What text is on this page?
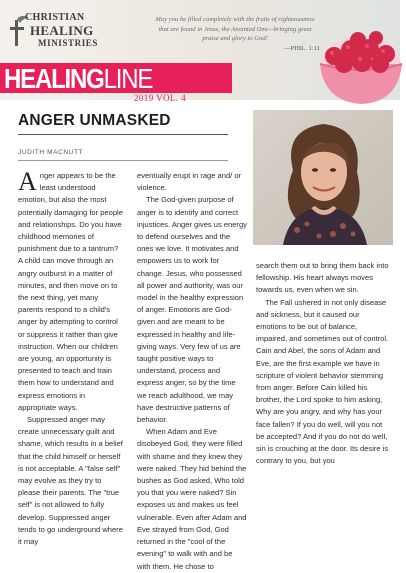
CHRISTIAN
HEALING
MINISTRIES
May you be filled completely with the fruits of righteousness that are found in Jesus, the Anointed One—bringing great praise and glory to God!
—PHIL. 1:11
HEALINGLINE
2019 VOL. 4
ANGER UNMASKED
JUDITH MACNUTT

Anger appears to be the least understood emotion, but also the most potentially damaging for people and relationships. Do you have childhood memories of punishment due to a tantrum? A child can move through an angry outburst in a matter of minutes, and then move on to the next thing, yet many parents respond to a child's anger by attempting to control or suppress it rather than give instruction. When our children are young, an opportunity is presented to teach and train them how to understand and express emotions in appropriate ways.

Suppressed anger may create unnecessary guilt and shame, which results in a belief that the child himself or herself is not acceptable. A "false self" may evolve as they try to please their parents. The "true self" is not allowed to fully develop. Suppressed anger tends to go underground where it may

eventually erupt in rage and/ or violence.

The God-given purpose of anger is to identify and correct injustices. Anger gives us energy to defend ourselves and the ones we love. It motivates and empowers us to work for change. Jesus, who possessed all power and authority, was our model in the healthy expression of anger. Emotions are God-given and are meant to be expressed in healthy and life-giving ways. Very few of us are taught positive ways to understand, process and express anger, so by the time we reach adulthood, we may have destructive patterns of behavior.

When Adam and Eve disobeyed God, they were filled with shame and they knew they were naked. They hid behind the bushes as God asked, Who told you that you were naked? Sin exposes us and makes us feel vulnerable. Even after Adam and Eve strayed from God, God returned in the "cool of the evening" to walk with and be with them. He chose to

search them out to bring them back into fellowship. His heart always moves towards us, even when we sin.

The Fall ushered in not only disease and sickness, but it caused our emotions to be out of balance, impaired, and sometimes out of control. Cain and Abel, the sons of Adam and Eve, are the first example we have in scripture of violent behavior stemming from anger. Before Cain killed his brother, the Lord spoke to him asking, Why are you angry, and why has your face fallen? If you do well, will you not be accepted? And if you do not do well, sin is crouching at the door. Its desire is contrary to you, but you
